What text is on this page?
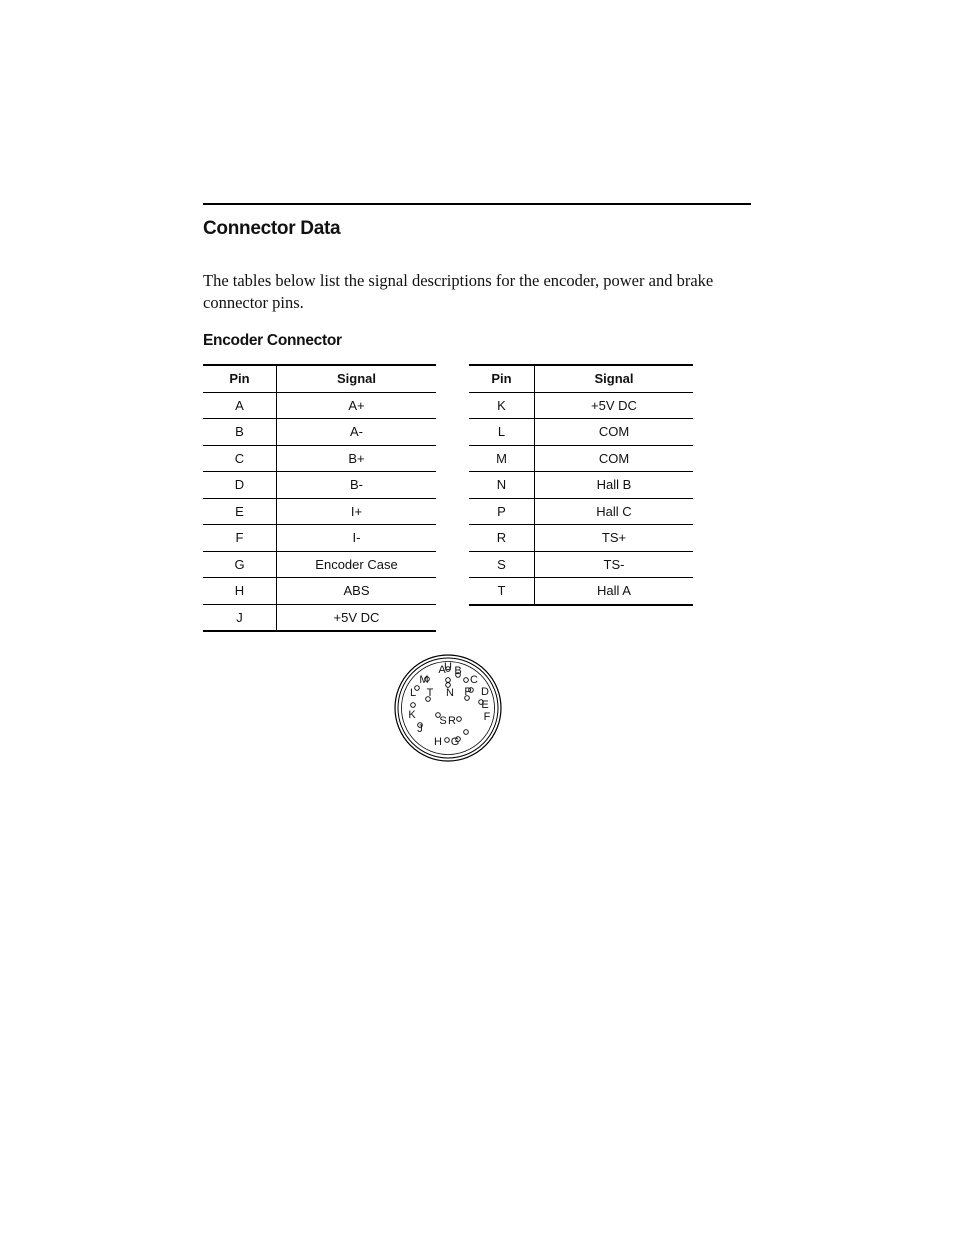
Connector Data

The tables below list the signal descriptions for the encoder, power and brake connector pins.

Encoder Connector
Pin	Signal
A	A+
B	A-
C	B+
D	B-
E	I+
F	I-
G	Encoder Case
H	ABS
J	+5V DC
Pin	Signal
K	+5V DC
L	COM
M	COM
N	Hall B
P	Hall C
R	TS+
S	TS-
T	Hall A
A B
C
D
E
F
G
H
J
K
L
M
N P
R
S
T
U
